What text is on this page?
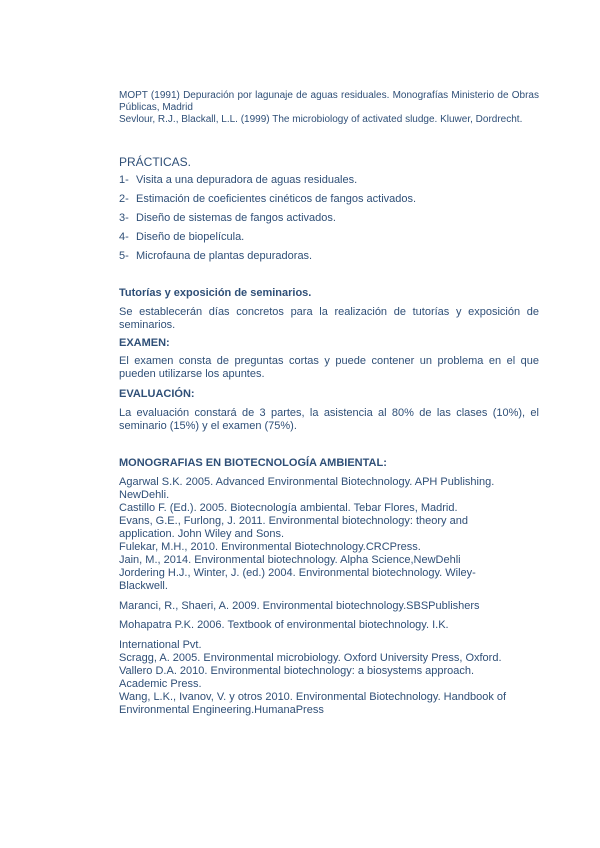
MOPT (1991) Depuración por lagunaje de aguas residuales. Monografías Ministerio de Obras Públicas, Madrid
Sevlour, R.J., Blackall, L.L. (1999) The microbiology of activated sludge. Kluwer, Dordrecht.
PRÁCTICAS.
1- Visita a una depuradora de aguas residuales.
2- Estimación de coeficientes cinéticos de fangos activados.
3- Diseño de sistemas de fangos activados.
4- Diseño de biopelícula.
5- Microfauna de plantas depuradoras.
Tutorías y exposición de seminarios.
Se establecerán días concretos para la realización de tutorías y exposición de seminarios.
EXAMEN:
El examen consta de preguntas cortas y puede contener un problema en el que pueden utilizarse los apuntes.
EVALUACIÓN:
La evaluación constará de 3 partes, la asistencia al 80% de las clases (10%), el seminario (15%) y el examen (75%).
MONOGRAFIAS EN BIOTECNOLOGÍA AMBIENTAL:
Agarwal S.K. 2005. Advanced Environmental Biotechnology. APH Publishing. NewDehli.
Castillo F. (Ed.). 2005. Biotecnología ambiental. Tebar Flores, Madrid.
Evans, G.E., Furlong, J. 2011. Environmental biotechnology: theory and application. John Wiley and Sons.
Fulekar, M.H., 2010. Environmental Biotechnology.CRCPress.
Jain, M., 2014. Environmental biotechnology. Alpha Science,NewDehli
Jordering H.J., Winter, J. (ed.) 2004. Environmental biotechnology. Wiley-Blackwell.
Maranci, R., Shaeri, A. 2009. Environmental biotechnology.SBSPublishers
Mohapatra P.K. 2006. Textbook of environmental biotechnology. I.K.
International Pvt.
Scragg, A. 2005. Environmental microbiology. Oxford University Press, Oxford.
Vallero D.A. 2010. Environmental biotechnology: a biosystems approach. Academic Press.
Wang, L.K., Ivanov, V. y otros 2010. Environmental Biotechnology. Handbook of Environmental Engineering.HumanaPress
